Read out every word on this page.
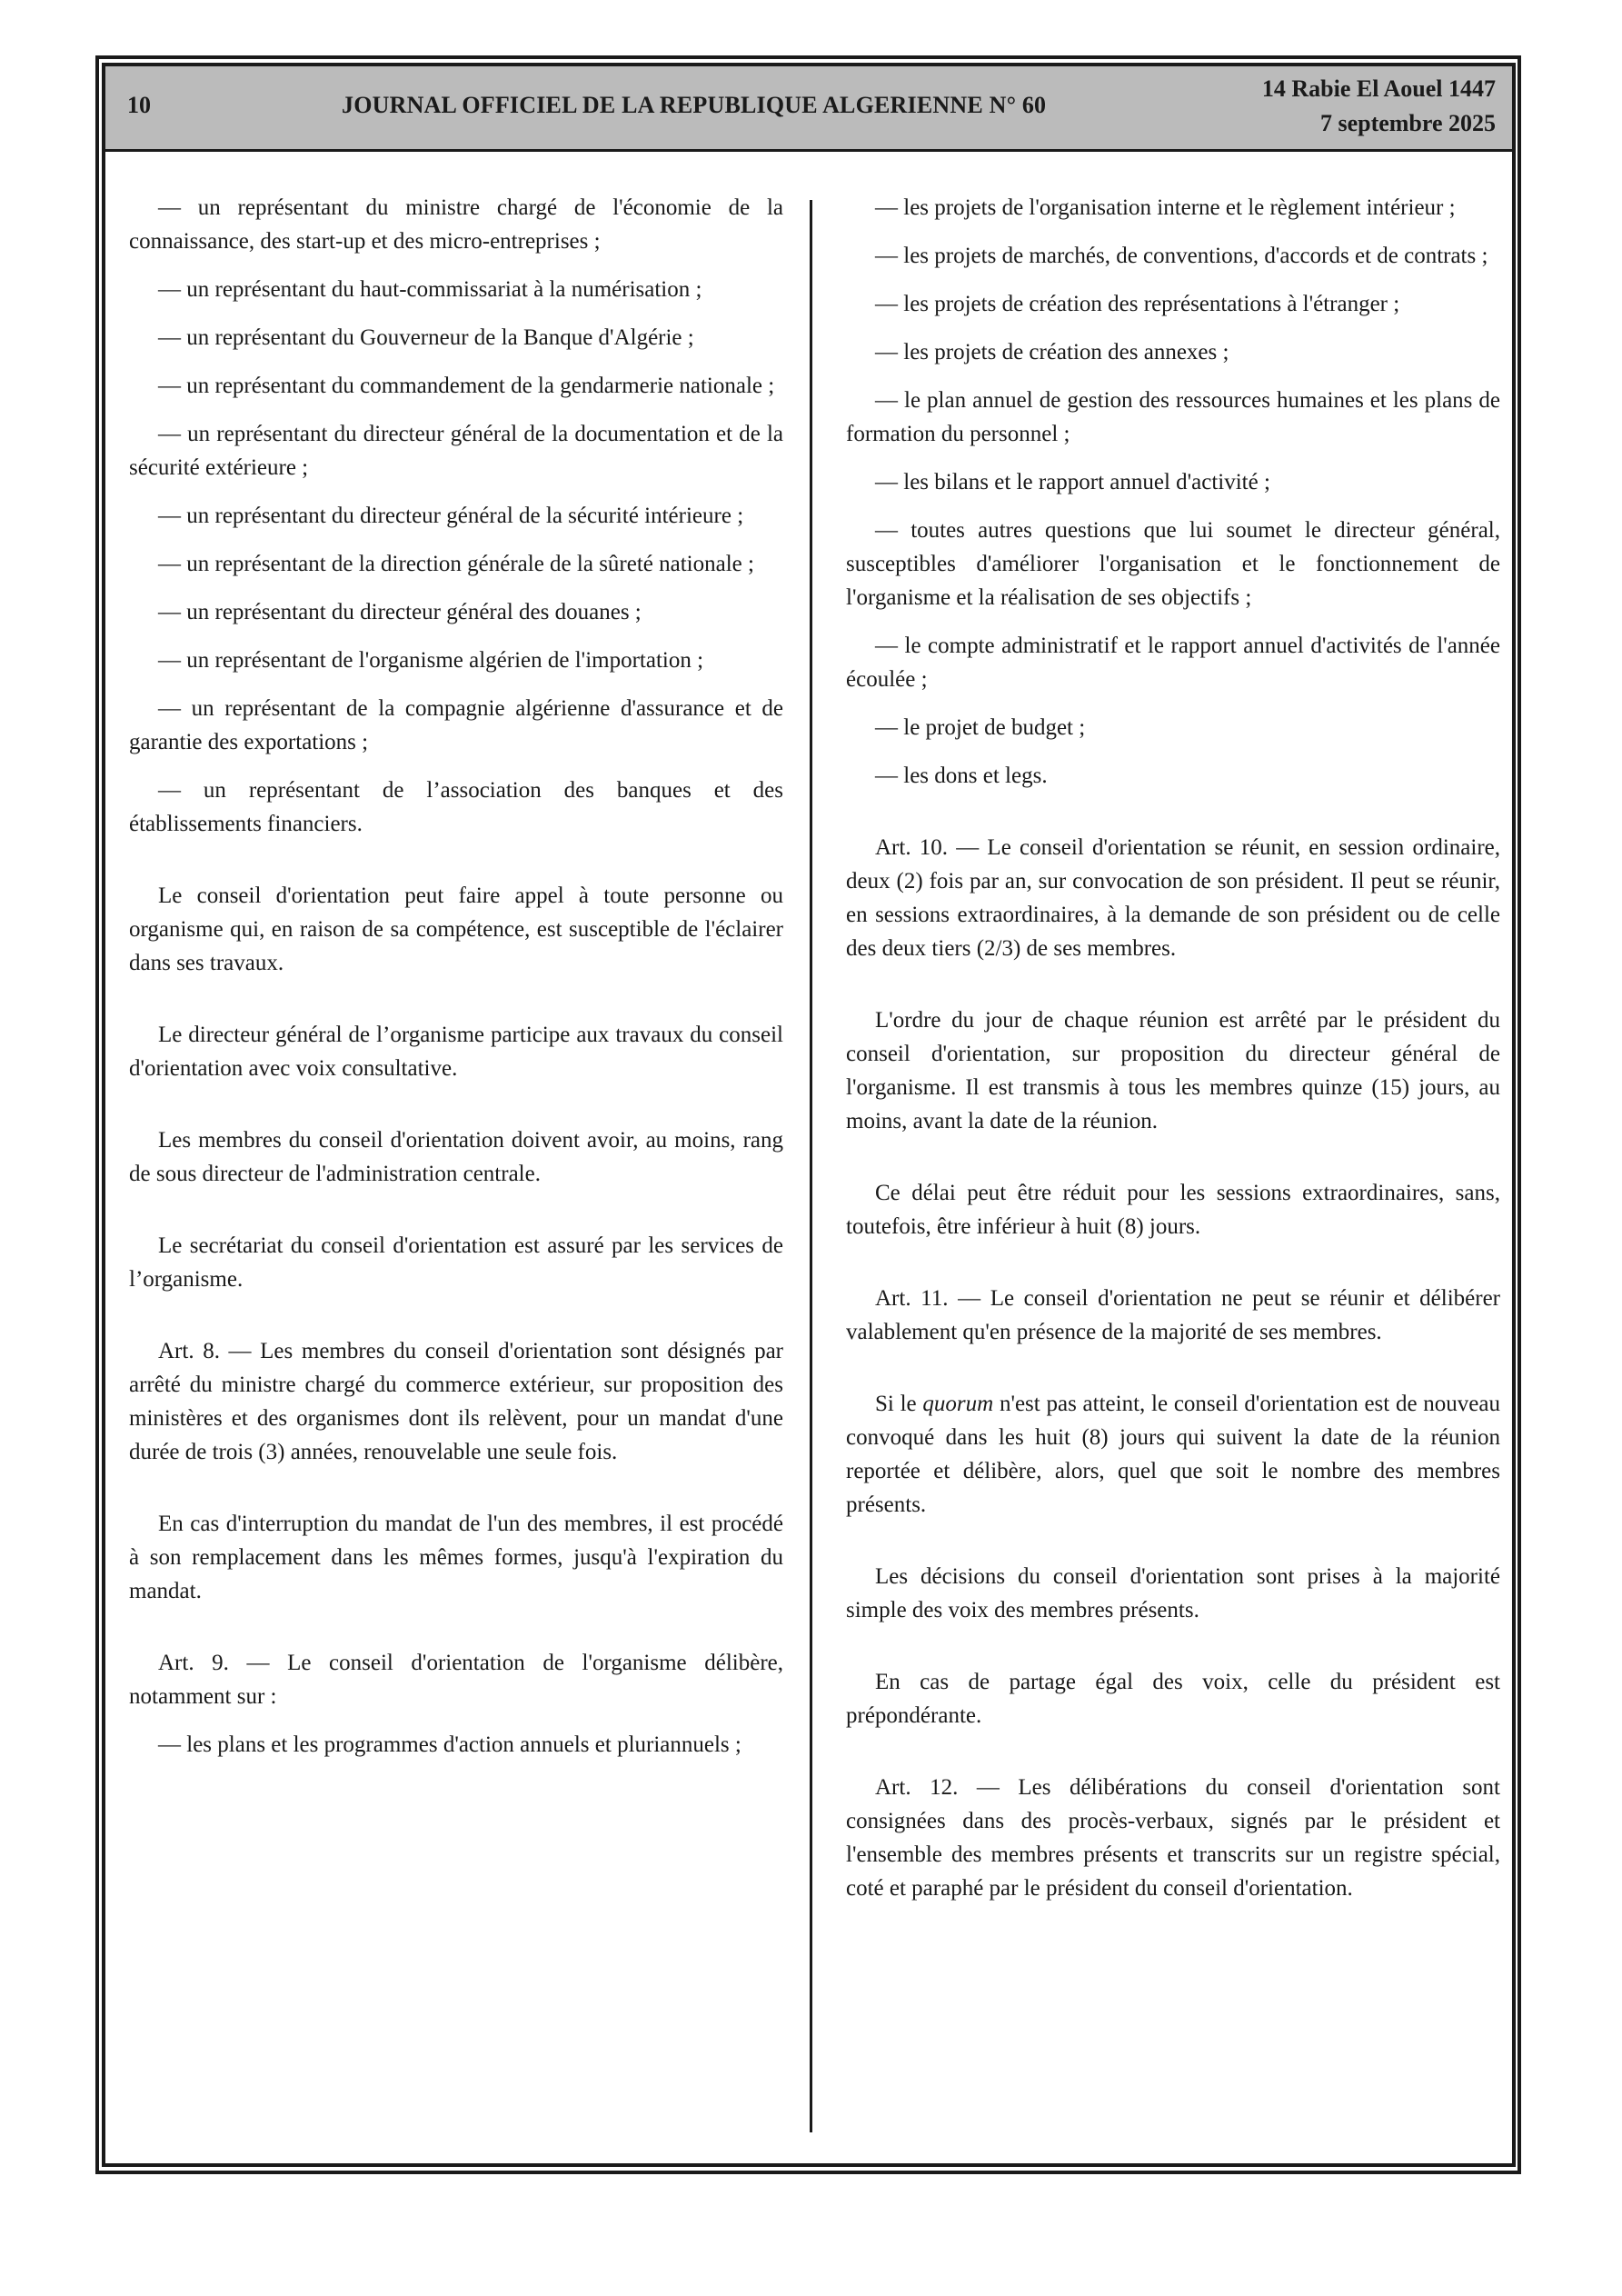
10	JOURNAL OFFICIEL DE LA REPUBLIQUE ALGERIENNE N° 60
14 Rabie El Aouel 1447
7 septembre 2025

— un représentant du ministre chargé de l'économie de la connaissance, des start-up et des micro-entreprises ;

— un représentant du haut-commissariat à la numérisation ;

— un représentant du Gouverneur de la Banque d'Algérie ;

— un représentant du commandement de la gendarmerie nationale ;

— un représentant du directeur général de la documentation et de la sécurité extérieure ;

— un représentant du directeur général de la sécurité intérieure ;

— un représentant de la direction générale de la sûreté nationale ;

— un représentant du directeur général des douanes ;

— un représentant de l'organisme algérien de l'importation ;

— un représentant de la compagnie algérienne d'assurance et de garantie des exportations ;

— un représentant de l’association des banques et des établissements financiers.

Le conseil d'orientation peut faire appel à toute personne ou organisme qui, en raison de sa compétence, est susceptible de l'éclairer dans ses travaux.

Le directeur général de l’organisme participe aux travaux du conseil d'orientation avec voix consultative.

Les membres du conseil d'orientation doivent avoir, au moins, rang de sous directeur de l'administration centrale.

Le secrétariat du conseil d'orientation est assuré par les services de l’organisme.

Art. 8. — Les membres du conseil d'orientation sont désignés par arrêté du ministre chargé du commerce extérieur, sur proposition des ministères et des organismes dont ils relèvent, pour un mandat d'une durée de trois (3) années, renouvelable une seule fois.

En cas d'interruption du mandat de l'un des membres, il est procédé à son remplacement dans les mêmes formes, jusqu'à l'expiration du mandat.

Art. 9. — Le conseil d'orientation de l'organisme délibère, notamment sur :

— les plans et les programmes d'action annuels et pluriannuels ;

— les projets de l'organisation interne et le règlement intérieur ;

— les projets de marchés, de conventions, d'accords et de contrats ;

— les projets de création des représentations à l'étranger ;

— les projets de création des annexes ;

— le plan annuel de gestion des ressources humaines et les plans de formation du personnel ;

— les bilans et le rapport annuel d'activité ;

— toutes autres questions que lui soumet le directeur général, susceptibles d'améliorer l'organisation et le fonctionnement de l'organisme et la réalisation de ses objectifs ;

— le compte administratif et le rapport annuel d'activités de l'année écoulée ;

— le projet de budget ;

— les dons et legs.

Art. 10. — Le conseil d'orientation se réunit, en session ordinaire, deux (2) fois par an, sur convocation de son président. Il peut se réunir, en sessions extraordinaires, à la demande de son président ou de celle des deux tiers (2/3) de ses membres.

L'ordre du jour de chaque réunion est arrêté par le président du conseil d'orientation, sur proposition du directeur général de l'organisme. Il est transmis à tous les membres quinze (15) jours, au moins, avant la date de la réunion.

Ce délai peut être réduit pour les sessions extraordinaires, sans, toutefois, être inférieur à huit (8) jours.

Art. 11. — Le conseil d'orientation ne peut se réunir et délibérer valablement qu'en présence de la majorité de ses membres.

Si le quorum n'est pas atteint, le conseil d'orientation est de nouveau convoqué dans les huit (8) jours qui suivent la date de la réunion reportée et délibère, alors, quel que soit le nombre des membres présents.

Les décisions du conseil d'orientation sont prises à la majorité simple des voix des membres présents.

En cas de partage égal des voix, celle du président est prépondérante.

Art. 12. — Les délibérations du conseil d'orientation sont consignées dans des procès-verbaux, signés par le président et l'ensemble des membres présents et transcrits sur un registre spécial, coté et paraphé par le président du conseil d'orientation.
